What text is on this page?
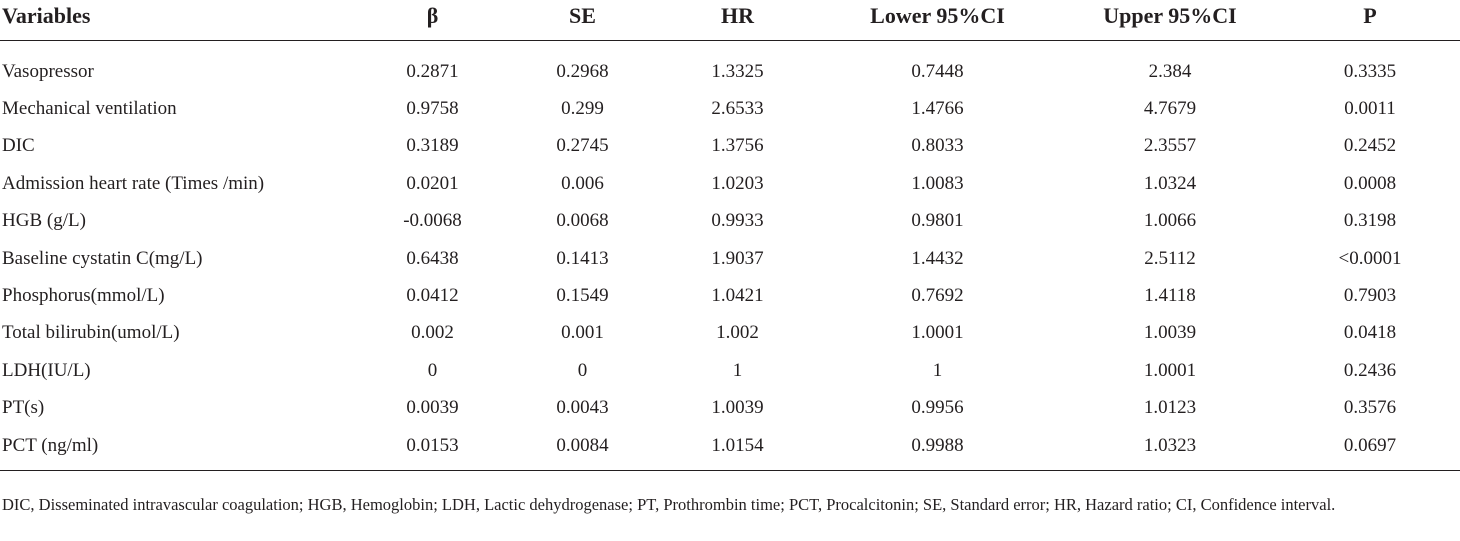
Variables	β	SE	HR	Lower 95%CI	Upper 95%CI	P
Vasopressor	0.2871	0.2968	1.3325	0.7448	2.384	0.3335
Mechanical ventilation	0.9758	0.299	2.6533	1.4766	4.7679	0.0011
DIC	0.3189	0.2745	1.3756	0.8033	2.3557	0.2452
Admission heart rate (Times /min)	0.0201	0.006	1.0203	1.0083	1.0324	0.0008
HGB (g/L)	-0.0068	0.0068	0.9933	0.9801	1.0066	0.3198
Baseline cystatin C(mg/L)	0.6438	0.1413	1.9037	1.4432	2.5112	<0.0001
Phosphorus(mmol/L)	0.0412	0.1549	1.0421	0.7692	1.4118	0.7903
Total bilirubin(umol/L)	0.002	0.001	1.002	1.0001	1.0039	0.0418
LDH(IU/L)	0	0	1	1	1.0001	0.2436
PT(s)	0.0039	0.0043	1.0039	0.9956	1.0123	0.3576
PCT (ng/ml)	0.0153	0.0084	1.0154	0.9988	1.0323	0.0697
DIC, Disseminated intravascular coagulation; HGB, Hemoglobin; LDH, Lactic dehydrogenase; PT, Prothrombin time; PCT, Procalcitonin; SE, Standard error; HR, Hazard ratio; CI, Confidence interval.
